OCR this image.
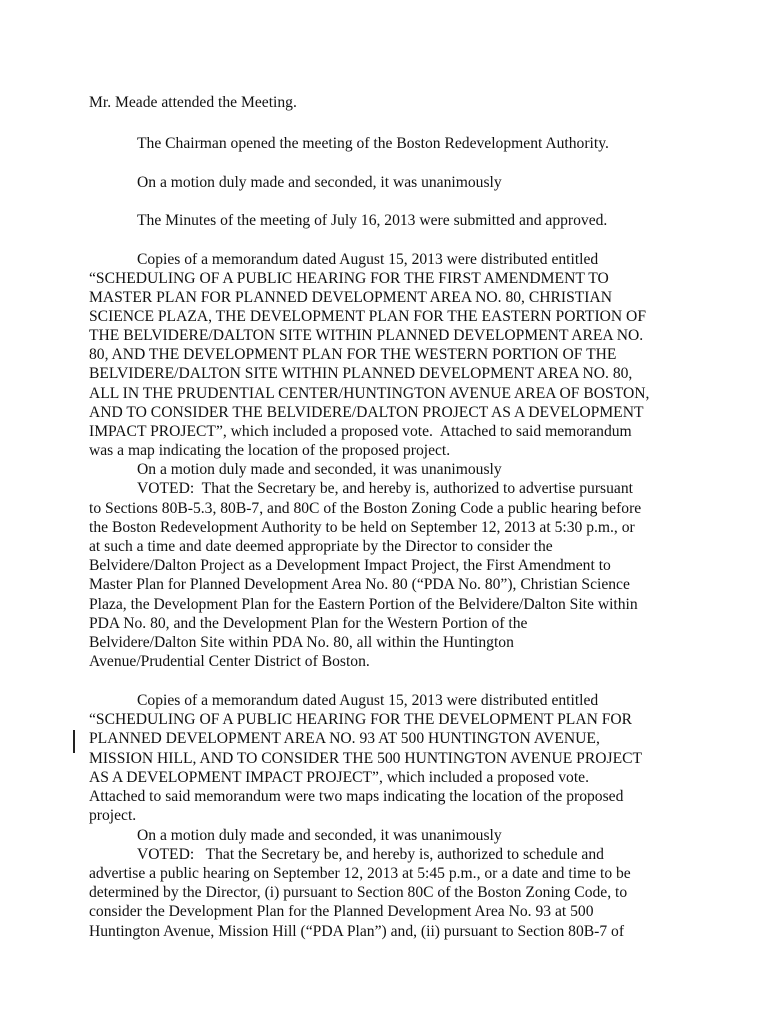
Mr. Meade attended the Meeting.
The Chairman opened the meeting of the Boston Redevelopment Authority.
On a motion duly made and seconded, it was unanimously
The Minutes of the meeting of July 16, 2013 were submitted and approved.
Copies of a memorandum dated August 15, 2013 were distributed entitled
“SCHEDULING OF A PUBLIC HEARING FOR THE FIRST AMENDMENT TO
MASTER PLAN FOR PLANNED DEVELOPMENT AREA NO. 80, CHRISTIAN
SCIENCE PLAZA, THE DEVELOPMENT PLAN FOR THE EASTERN PORTION OF
THE BELVIDERE/DALTON SITE WITHIN PLANNED DEVELOPMENT AREA NO.
80, AND THE DEVELOPMENT PLAN FOR THE WESTERN PORTION OF THE
BELVIDERE/DALTON SITE WITHIN PLANNED DEVELOPMENT AREA NO. 80,
ALL IN THE PRUDENTIAL CENTER/HUNTINGTON AVENUE AREA OF BOSTON,
AND TO CONSIDER THE BELVIDERE/DALTON PROJECT AS A DEVELOPMENT
IMPACT PROJECT”, which included a proposed vote.  Attached to said memorandum
was a map indicating the location of the proposed project.
On a motion duly made and seconded, it was unanimously
VOTED:  That the Secretary be, and hereby is, authorized to advertise pursuant
to Sections 80B-5.3, 80B-7, and 80C of the Boston Zoning Code a public hearing before
the Boston Redevelopment Authority to be held on September 12, 2013 at 5:30 p.m., or
at such a time and date deemed appropriate by the Director to consider the
Belvidere/Dalton Project as a Development Impact Project, the First Amendment to
Master Plan for Planned Development Area No. 80 (“PDA No. 80”), Christian Science
Plaza, the Development Plan for the Eastern Portion of the Belvidere/Dalton Site within
PDA No. 80, and the Development Plan for the Western Portion of the
Belvidere/Dalton Site within PDA No. 80, all within the Huntington
Avenue/Prudential Center District of Boston.
Copies of a memorandum dated August 15, 2013 were distributed entitled
“SCHEDULING OF A PUBLIC HEARING FOR THE DEVELOPMENT PLAN FOR
PLANNED DEVELOPMENT AREA NO. 93 AT 500 HUNTINGTON AVENUE,
MISSION HILL, AND TO CONSIDER THE 500 HUNTINGTON AVENUE PROJECT
AS A DEVELOPMENT IMPACT PROJECT”, which included a proposed vote.
Attached to said memorandum were two maps indicating the location of the proposed
project.
On a motion duly made and seconded, it was unanimously
VOTED:   That the Secretary be, and hereby is, authorized to schedule and
advertise a public hearing on September 12, 2013 at 5:45 p.m., or a date and time to be
determined by the Director, (i) pursuant to Section 80C of the Boston Zoning Code, to
consider the Development Plan for the Planned Development Area No. 93 at 500
Huntington Avenue, Mission Hill (“PDA Plan”) and, (ii) pursuant to Section 80B-7 of
